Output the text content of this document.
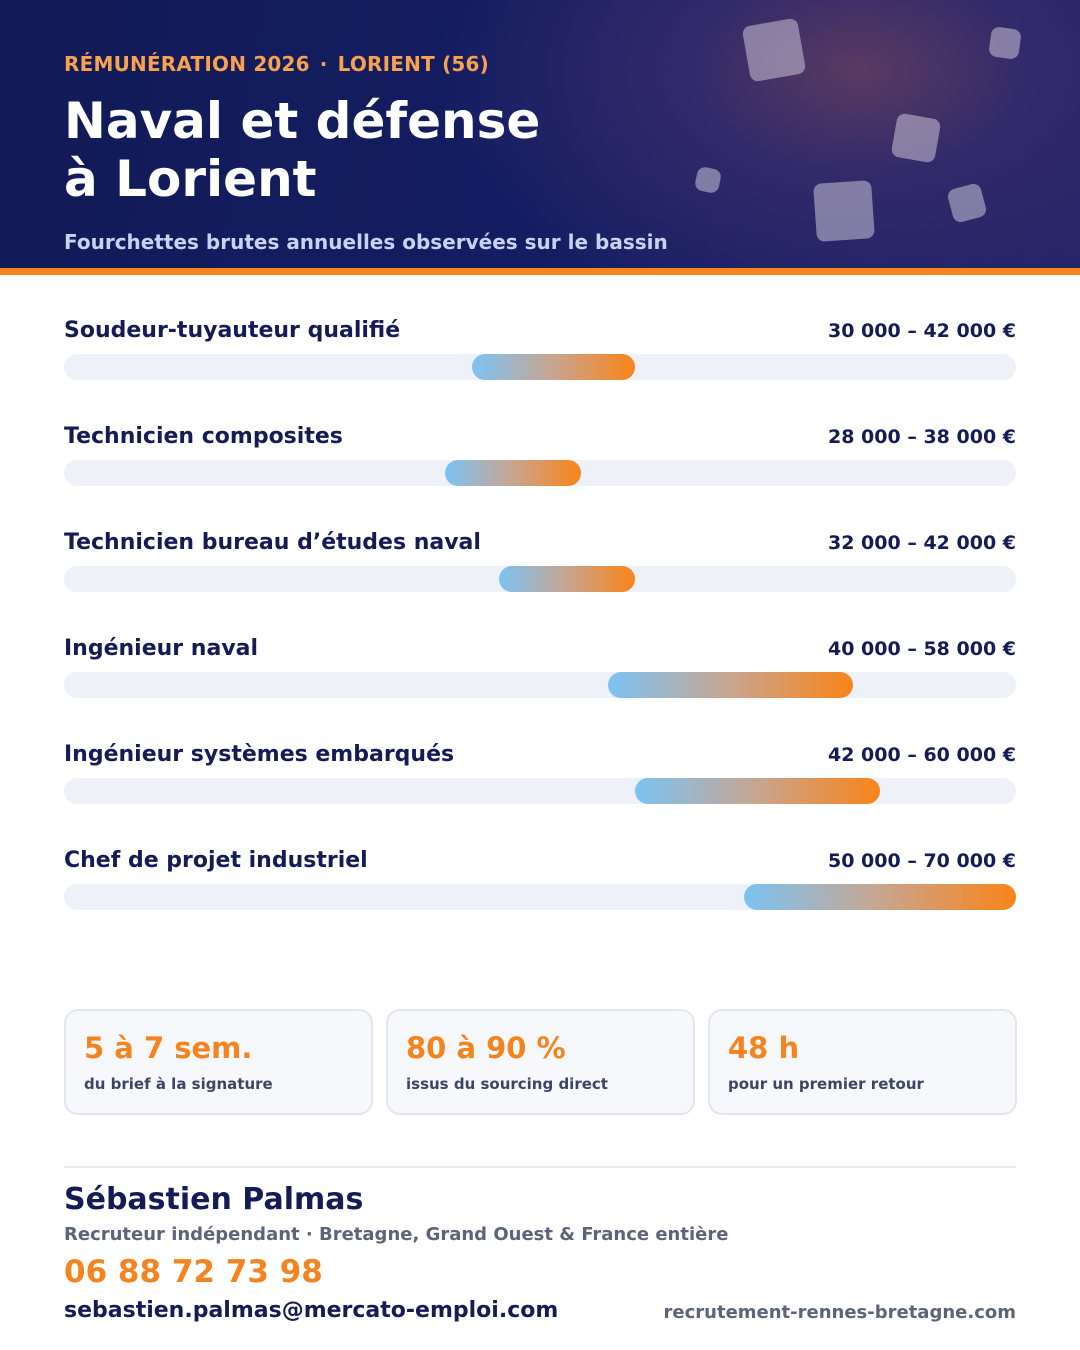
RÉMUNÉRATION 2026 · LORIENT (56)
Naval et défense
à Lorient
Fourchettes brutes annuelles observées sur le bassin
Soudeur-tuyauteur qualifié	30 000 – 42 000 €
Technicien composites	28 000 – 38 000 €
Technicien bureau d’études naval	32 000 – 42 000 €
Ingénieur naval	40 000 – 58 000 €
Ingénieur systèmes embarqués	42 000 – 60 000 €
Chef de projet industriel	50 000 – 70 000 €
5 à 7 sem.
du brief à la signature
80 à 90 %
issus du sourcing direct
48 h
pour un premier retour
Sébastien Palmas
Recruteur indépendant · Bretagne, Grand Ouest & France entière
06 88 72 73 98
sebastien.palmas@mercato-emploi.com	recrutement-rennes-bretagne.com
